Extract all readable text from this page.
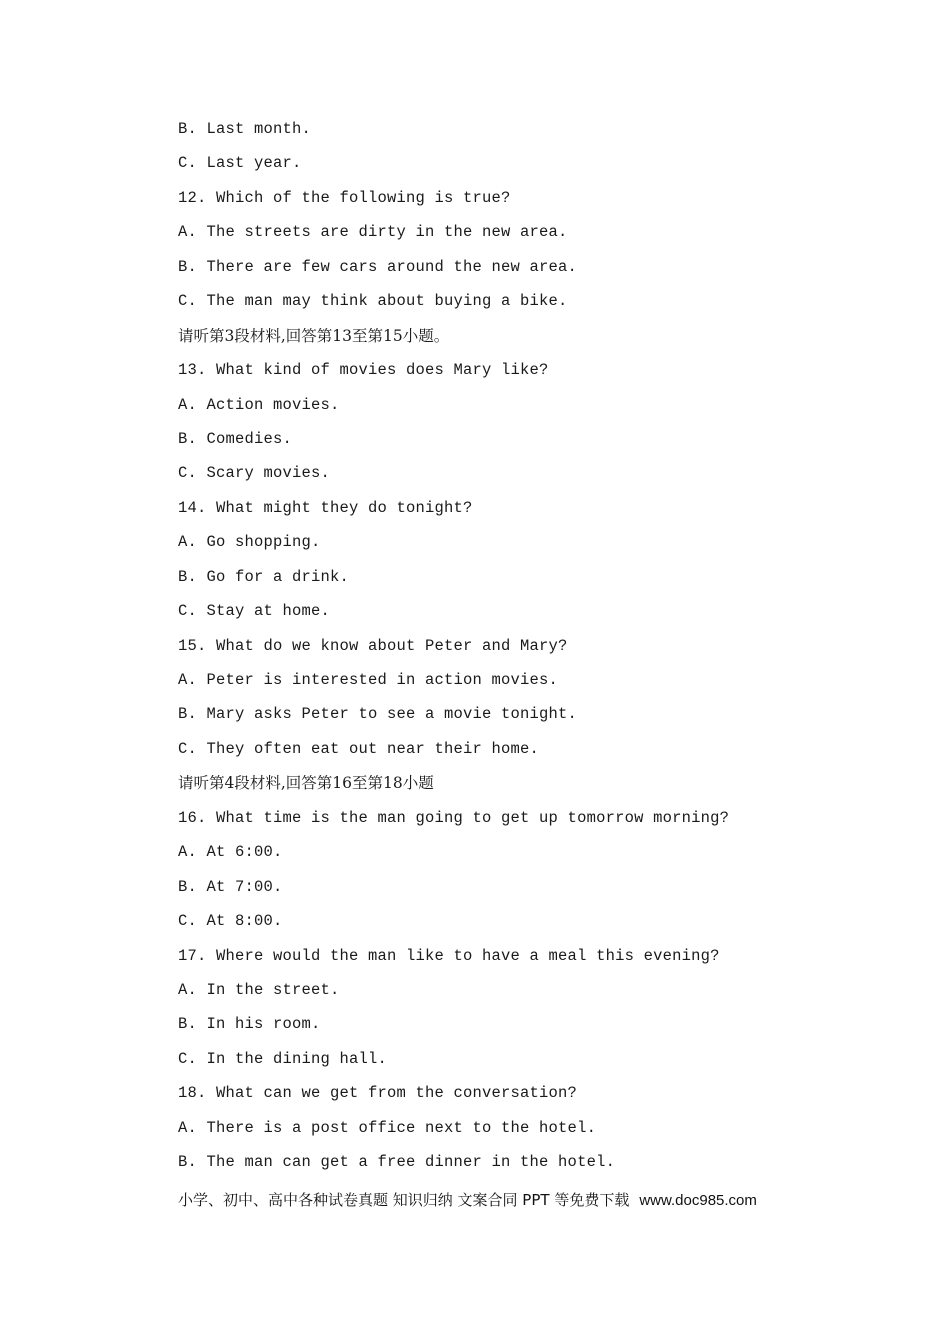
B. Last month.
C. Last year.
12. Which of the following is true?
A. The streets are dirty in the new area.
B. There are few cars around the new area.
C. The man may think about buying a bike.
请听第3段材料,回答第13至第15小题。
13. What kind of movies does Mary like?
A. Action movies.
B. Comedies.
C. Scary movies.
14. What might they do tonight?
A. Go shopping.
B. Go for a drink.
C. Stay at home.
15. What do we know about Peter and Mary?
A. Peter is interested in action movies.
B. Mary asks Peter to see a movie tonight.
C. They often eat out near their home.
请听第4段材料,回答第16至第18小题
16. What time is the man going to get up tomorrow morning?
A. At 6:00.
B. At 7:00.
C. At 8:00.
17. Where would the man like to have a meal this evening?
A. In the street.
B. In his room.
C. In the dining hall.
18. What can we get from the conversation?
A. There is a post office next to the hotel.
B. The man can get a free dinner in the hotel.
小学、初中、高中各种试卷真题 知识归纳 文案合同 PPT 等免费下载 www.doc985.com
